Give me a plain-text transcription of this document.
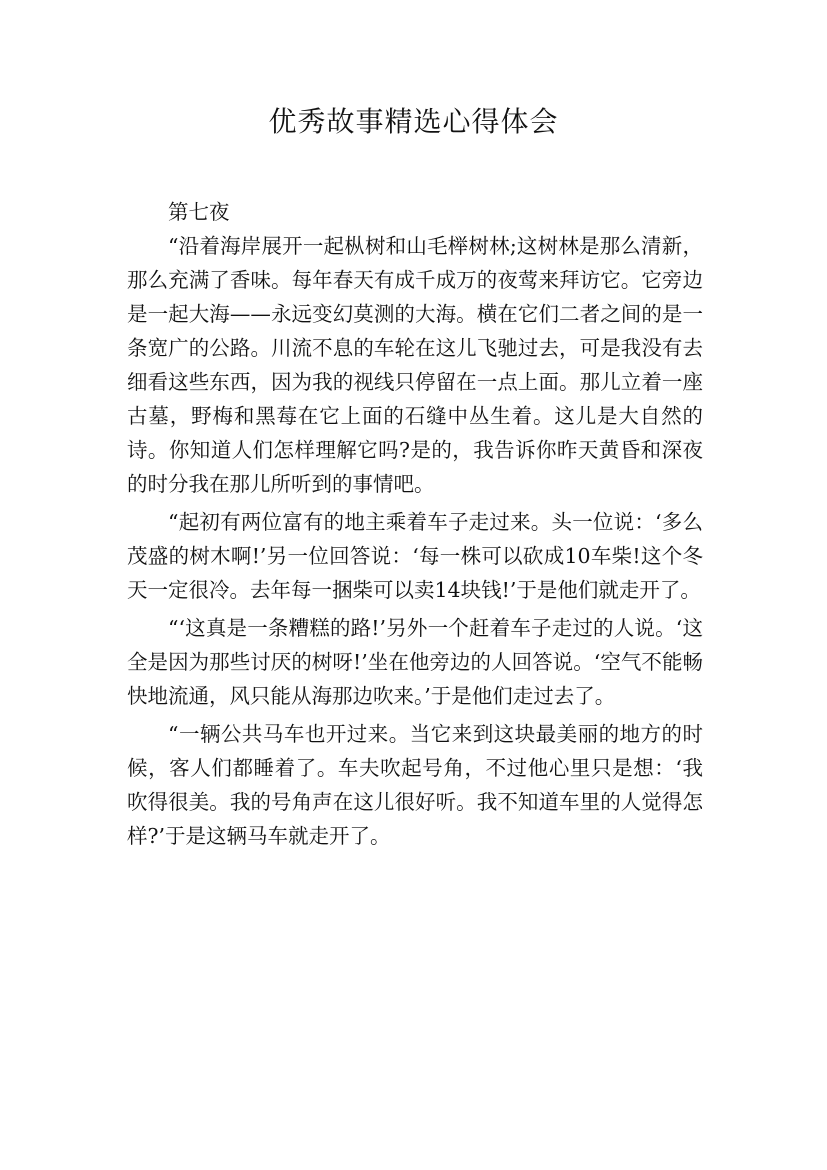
优秀故事精选心得体会

第七夜

“沿着海岸展开一起枞树和山毛榉树林;这树林是那么清新，那么充满了香味。每年春天有成千成万的夜莺来拜访它。它旁边是一起大海——永远变幻莫测的大海。横在它们二者之间的是一条宽广的公路。川流不息的车轮在这儿飞驰过去，可是我没有去细看这些东西，因为我的视线只停留在一点上面。那儿立着一座古墓，野梅和黑莓在它上面的石缝中丛生着。这儿是大自然的诗。你知道人们怎样理解它吗?是的，我告诉你昨天黄昏和深夜的时分我在那儿所听到的事情吧。

“起初有两位富有的地主乘着车子走过来。头一位说：‘多么茂盛的树木啊!’另一位回答说：‘每一株可以砍成10车柴!这个冬天一定很冷。去年每一捆柴可以卖14块钱!’于是他们就走开了。

“‘这真是一条糟糕的路!’另外一个赶着车子走过的人说。‘这全是因为那些讨厌的树呀!’坐在他旁边的人回答说。‘空气不能畅快地流通，风只能从海那边吹来。’于是他们走过去了。

“一辆公共马车也开过来。当它来到这块最美丽的地方的时候，客人们都睡着了。车夫吹起号角，不过他心里只是想：‘我吹得很美。我的号角声在这儿很好听。我不知道车里的人觉得怎样?’于是这辆马车就走开了。
